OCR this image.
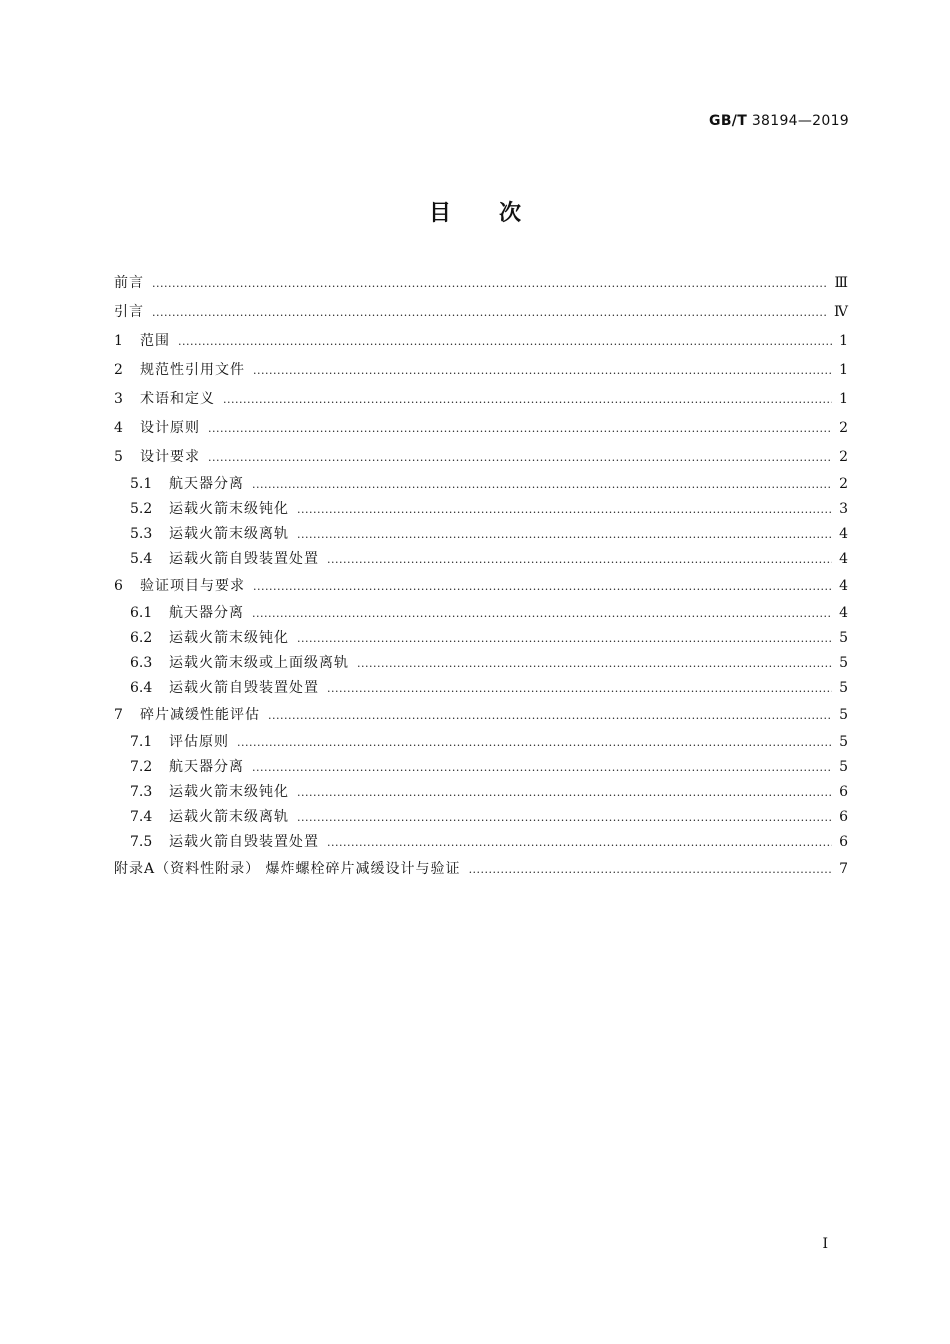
GB/T 38194—2019
目次
前言 .....	Ⅲ
引言 .....	Ⅳ
1	范围 .....	1
2	规范性引用文件 .....	1
3	术语和定义 .....	1
4	设计原则 .....	2
5	设计要求 .....	2
5.1	航天器分离 .....	2
5.2	运载火箭末级钝化 .....	3
5.3	运载火箭末级离轨 .....	4
5.4	运载火箭自毁装置处置 .....	4
6	验证项目与要求 .....	4
6.1	航天器分离 .....	4
6.2	运载火箭末级钝化 .....	5
6.3	运载火箭末级或上面级离轨 .....	5
6.4	运载火箭自毁装置处置 .....	5
7	碎片减缓性能评估 .....	5
7.1	评估原则 .....	5
7.2	航天器分离 .....	5
7.3	运载火箭末级钝化 .....	6
7.4	运载火箭末级离轨 .....	6
7.5	运载火箭自毁装置处置 .....	6
附录A（资料性附录） 爆炸螺栓碎片减缓设计与验证 .....	7
Ⅰ
